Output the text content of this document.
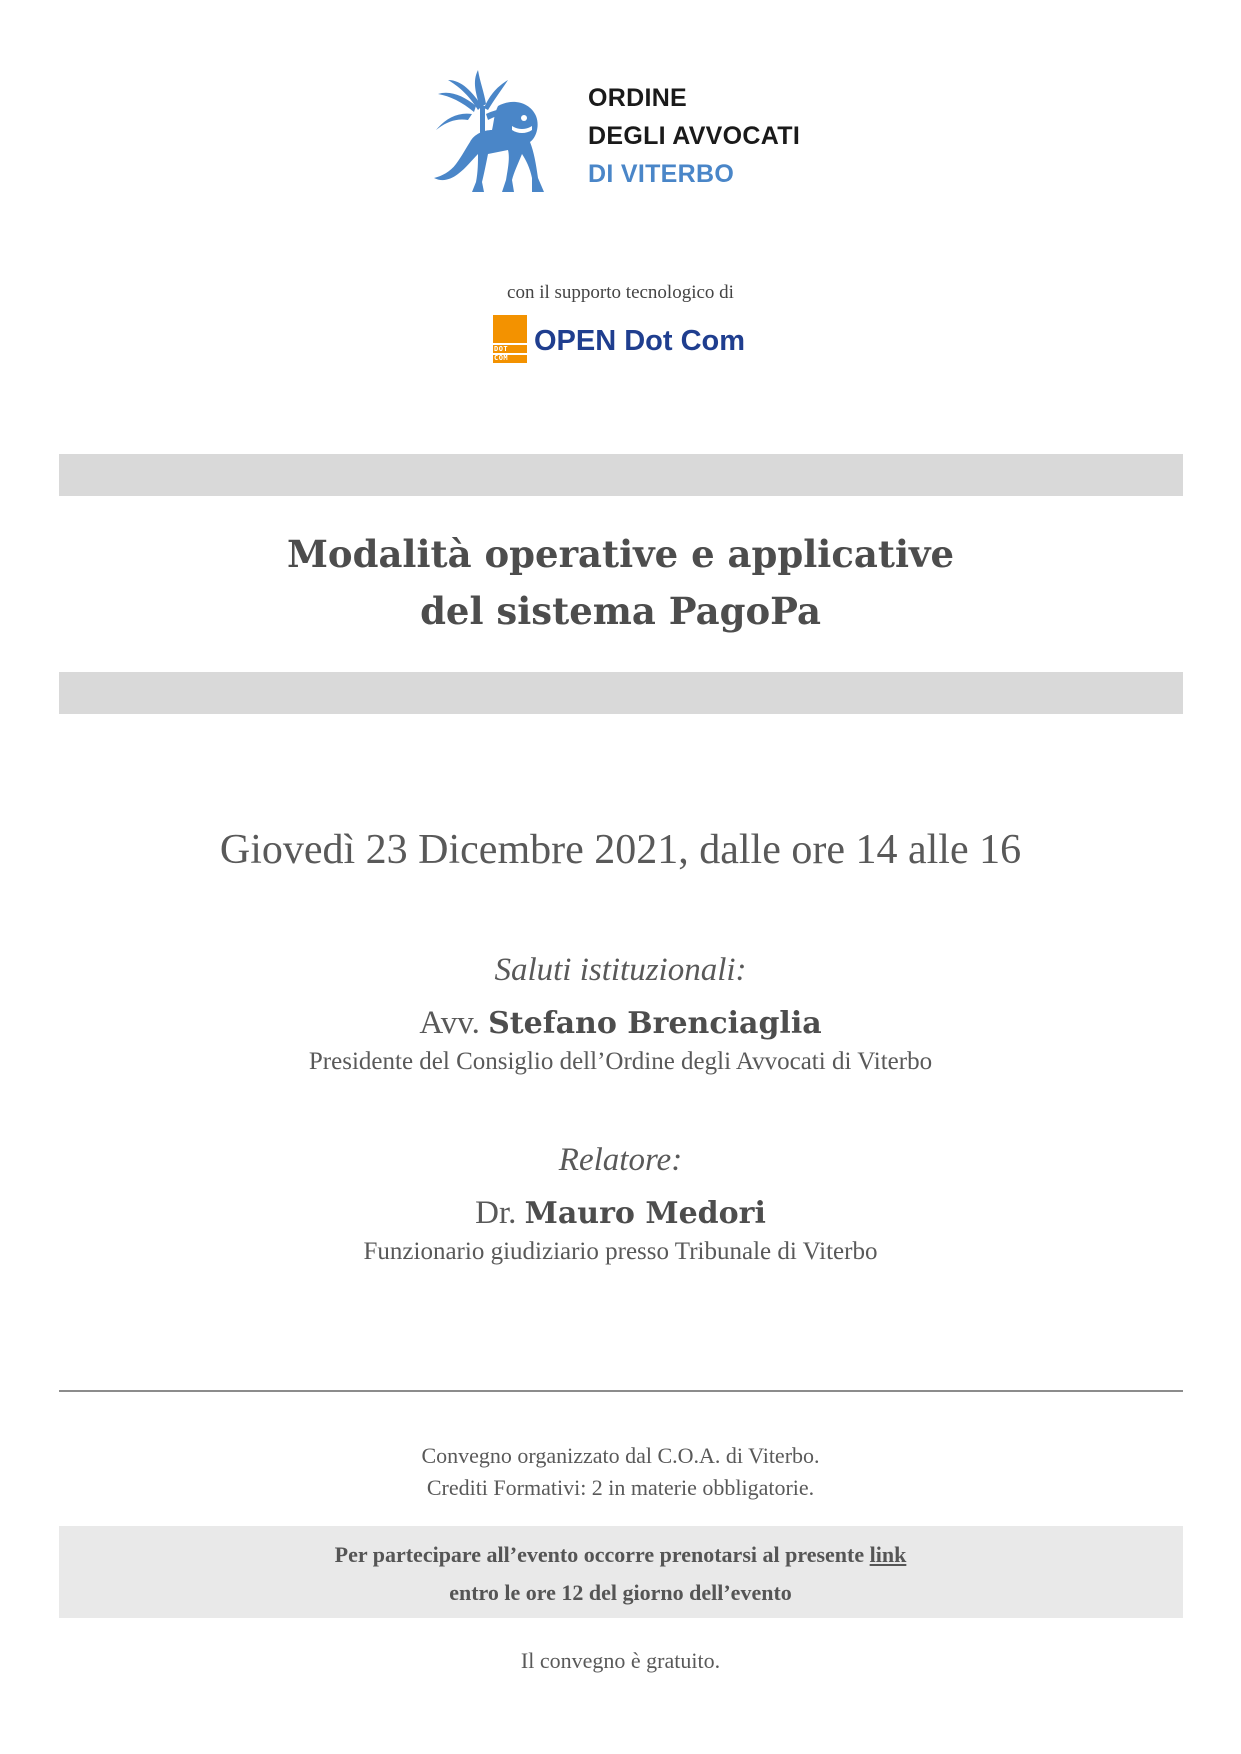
ORDINE
DEGLI AVVOCATI
DI VITERBO
con il supporto tecnologico di
DOT
COM
OPEN Dot Com
Modalità operative e applicative
del sistema PagoPa
Giovedì 23 Dicembre 2021, dalle ore 14 alle 16
Saluti istituzionali:
Avv. Stefano Brenciaglia
Presidente del Consiglio dell’Ordine degli Avvocati di Viterbo
Relatore:
Dr. Mauro Medori
Funzionario giudiziario presso Tribunale di Viterbo
Convegno organizzato dal C.O.A. di Viterbo.
Crediti Formativi: 2 in materie obbligatorie.
Per partecipare all’evento occorre prenotarsi al presente link
entro le ore 12 del giorno dell’evento
Il convegno è gratuito.
